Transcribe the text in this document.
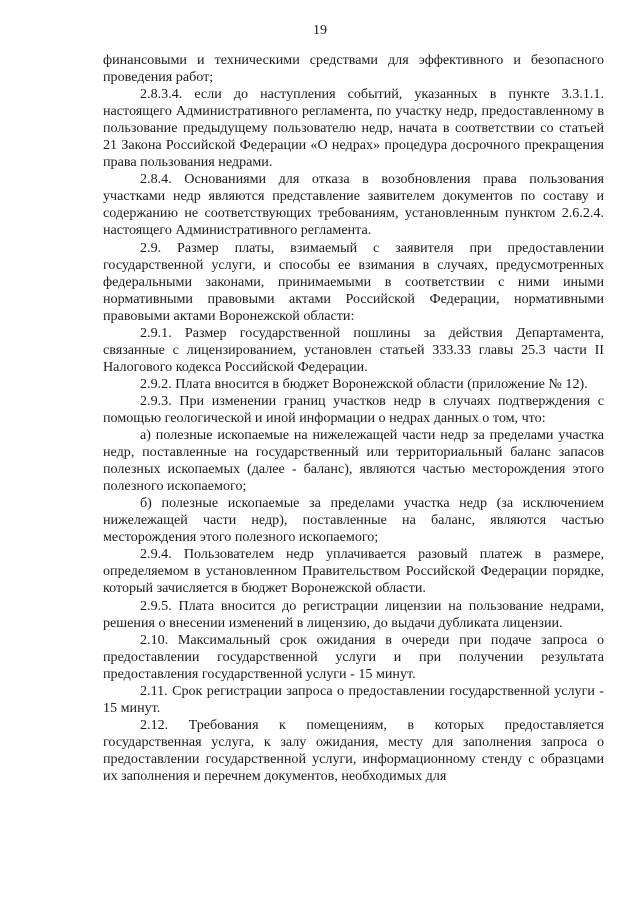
19

финансовыми и техническими средствами для эффективного и безопасного проведения работ;

2.8.3.4. если до наступления событий, указанных в пункте 3.3.1.1. настоящего Административного регламента, по участку недр, предоставленному в пользование предыдущему пользователю недр, начата в соответствии со статьей 21 Закона Российской Федерации «О недрах» процедура досрочного прекращения права пользования недрами.

2.8.4. Основаниями для отказа в возобновления права пользования участками недр являются представление заявителем документов по составу и содержанию не соответствующих требованиям, установленным пунктом 2.6.2.4. настоящего Административного регламента.

2.9. Размер платы, взимаемый с заявителя при предоставлении государственной услуги, и способы ее взимания в случаях, предусмотренных федеральными законами, принимаемыми в соответствии с ними иными нормативными правовыми актами Российской Федерации, нормативными правовыми актами Воронежской области:

2.9.1. Размер государственной пошлины за действия Департамента, связанные с лицензированием, установлен статьей 333.33 главы 25.3 части II Налогового кодекса Российской Федерации.

2.9.2. Плата вносится в бюджет Воронежской области (приложение № 12).

2.9.3. При изменении границ участков недр в случаях подтверждения с помощью геологической и иной информации о недрах данных о том, что:

а) полезные ископаемые на нижележащей части недр за пределами участка недр, поставленные на государственный или территориальный баланс запасов полезных ископаемых (далее - баланс), являются частью месторождения этого полезного ископаемого;

б) полезные ископаемые за пределами участка недр (за исключением нижележащей части недр), поставленные на баланс, являются частью месторождения этого полезного ископаемого;

2.9.4. Пользователем недр уплачивается разовый платеж в размере, определяемом в установленном Правительством Российской Федерации порядке, который зачисляется в бюджет Воронежской области.

2.9.5. Плата вносится до регистрации лицензии на пользование недрами, решения о внесении изменений в лицензию, до выдачи дубликата лицензии.

2.10. Максимальный срок ожидания в очереди при подаче запроса о предоставлении государственной услуги и при получении результата предоставления государственной услуги - 15 минут.

2.11. Срок регистрации запроса о предоставлении государственной услуги - 15 минут.

2.12. Требования к помещениям, в которых предоставляется государственная услуга, к залу ожидания, месту для заполнения запроса о предоставлении государственной услуги, информационному стенду с образцами их заполнения и перечнем документов, необходимых для
